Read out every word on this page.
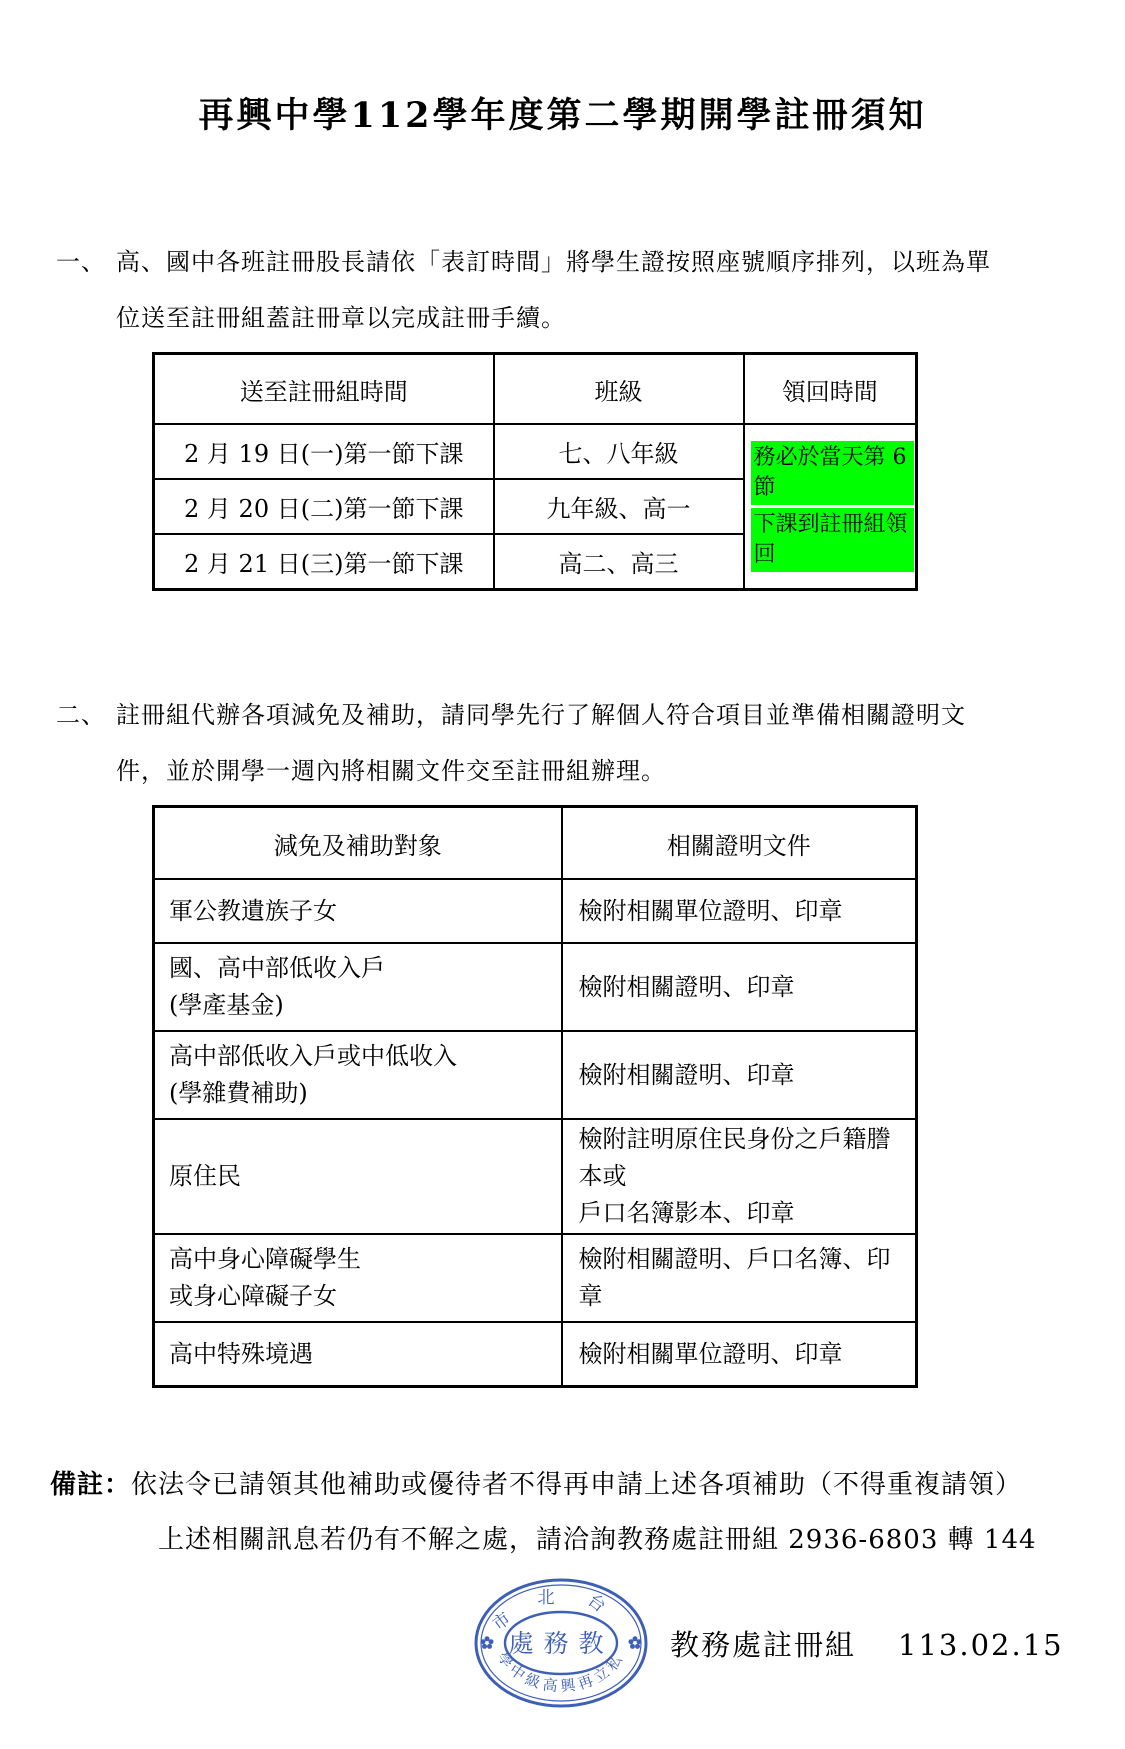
再興中學112學年度第二學期開學註冊須知
一、 高、國中各班註冊股長請依「表訂時間」將學生證按照座號順序排列，以班為單位送至註冊組蓋註冊章以完成註冊手續。
送至註冊組時間	班級	領回時間
2 月 19 日(一)第一節下課	七、八年級	務必於當天第 6 節
下課到註冊組領回

2 月 20 日(二)第一節下課	九年級、高一	
2 月 21 日(三)第一節下課	高二、高三	
二、 註冊組代辦各項減免及補助，請同學先行了解個人符合項目並準備相關證明文件，並於開學一週內將相關文件交至註冊組辦理。
減免及補助對象	相關證明文件

軍公教遺族子女	檢附相關單位證明、印章

國、高中部低收入戶
(學產基金)	檢附相關證明、印章

高中部低收入戶或中低收入
(學雜費補助)	檢附相關證明、印章

原住民	檢附註明原住民身份之戶籍謄本或
戶口名簿影本、印章

高中身心障礙學生
或身心障礙子女	檢附相關證明、戶口名簿、印章

高中特殊境遇	檢附相關單位證明、印章
備註：依法令已請領其他補助或優待者不得再申請上述各項補助（不得重複請領）
上述相關訊息若仍有不解之處，請洽詢教務處註冊組 2936-6803 轉 144
市北台
學中級高興再立私
處務教 教務處註冊組 113.02.15
